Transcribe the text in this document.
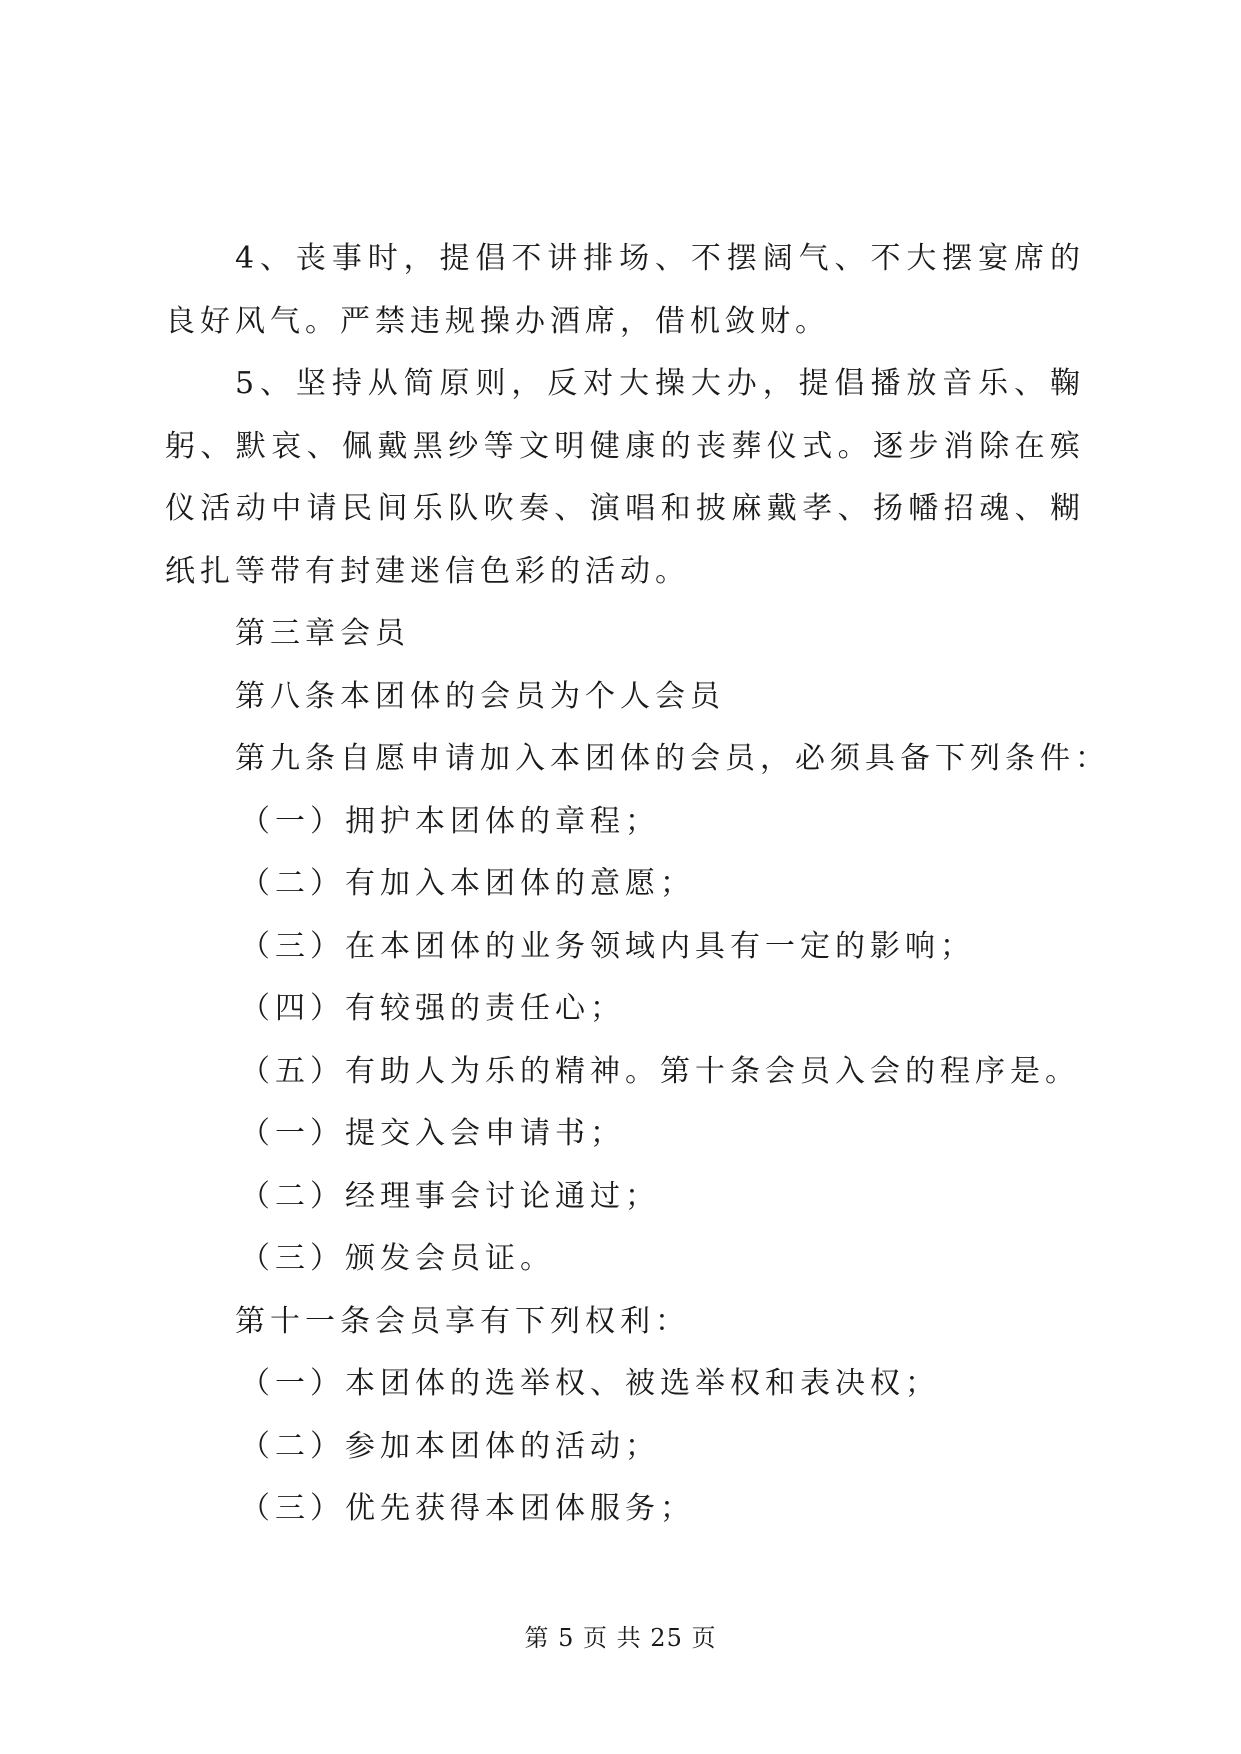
4、丧事时，提倡不讲排场、不摆阔气、不大摆宴席的良好风气。严禁违规操办酒席，借机敛财。

5、坚持从简原则，反对大操大办，提倡播放音乐、鞠躬、默哀、佩戴黑纱等文明健康的丧葬仪式。逐步消除在殡仪活动中请民间乐队吹奏、演唱和披麻戴孝、扬幡招魂、糊纸扎等带有封建迷信色彩的活动。

第三章会员

第八条本团体的会员为个人会员

第九条自愿申请加入本团体的会员，必须具备下列条件：

（一）拥护本团体的章程；

（二）有加入本团体的意愿；

（三）在本团体的业务领域内具有一定的影响；

（四）有较强的责任心；

（五）有助人为乐的精神。第十条会员入会的程序是。

（一）提交入会申请书；

（二）经理事会讨论通过；

（三）颁发会员证。

第十一条会员享有下列权利：

（一）本团体的选举权、被选举权和表决权；

（二）参加本团体的活动；

（三）优先获得本团体服务；

第 5 页 共 25 页
